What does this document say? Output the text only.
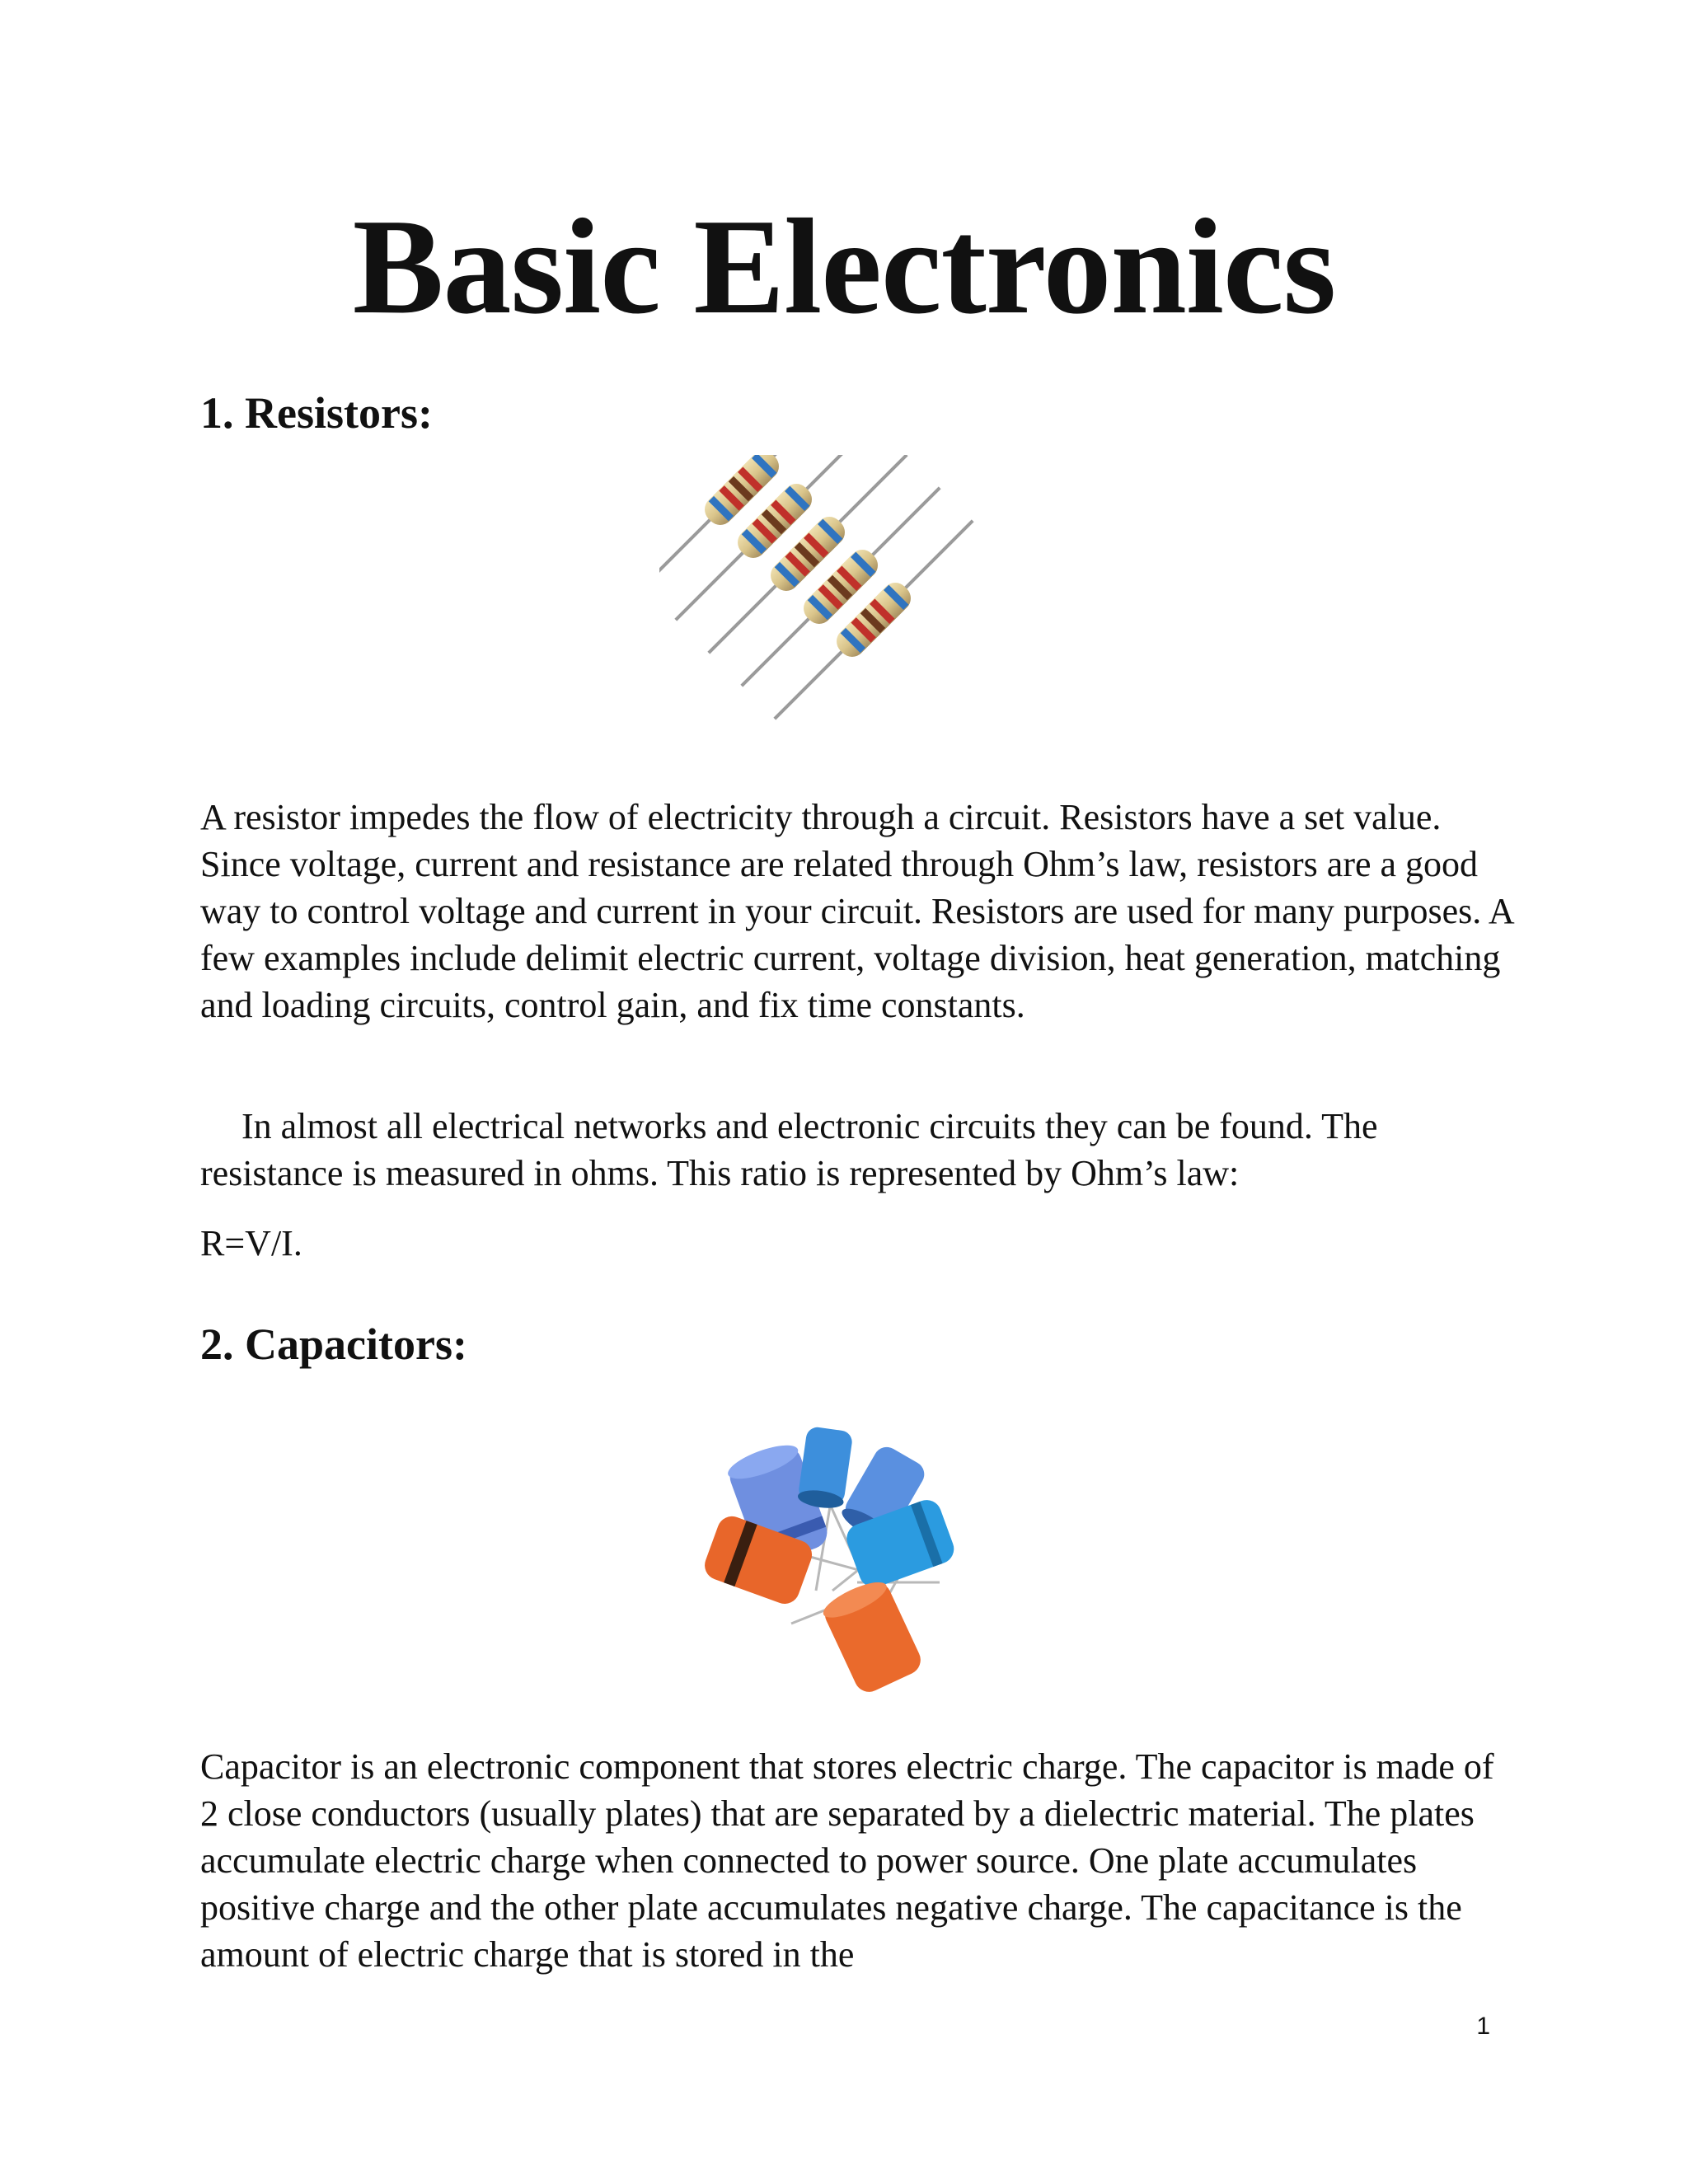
Basic Electronics
1. Resistors:

A resistor impedes the flow of electricity through a circuit. Resistors have a set value. Since voltage, current and resistance are related through Ohm’s law, resistors are a good way to control voltage and current in your circuit. Resistors are used for many purposes. A few examples include delimit electric current, voltage division, heat generation, matching and loading circuits, control gain, and fix time constants.

In almost all electrical networks and electronic circuits they can be found. The resistance is measured in ohms. This ratio is represented by Ohm’s law:

R=V/I.

2. Capacitors:

Capacitor is an electronic component that stores electric charge. The capacitor is made of 2 close conductors (usually plates) that are separated by a dielectric material. The plates accumulate electric charge when connected to power source. One plate accumulates positive charge and the other plate accumulates negative charge. The capacitance is the amount of electric charge that is stored in the

1
